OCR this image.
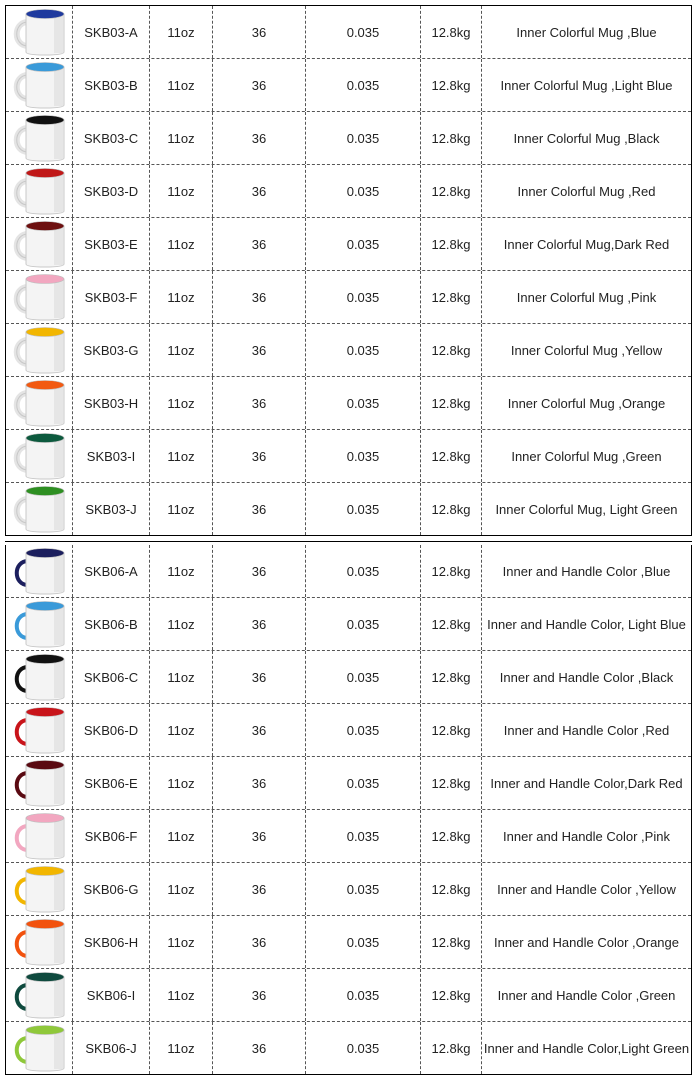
SKB03-A	11oz	36	0.035	12.8kg	Inner Colorful Mug ,Blue
SKB03-B	11oz	36	0.035	12.8kg	Inner Colorful Mug ,Light Blue
SKB03-C	11oz	36	0.035	12.8kg	Inner Colorful Mug ,Black
SKB03-D	11oz	36	0.035	12.8kg	Inner Colorful Mug ,Red
SKB03-E	11oz	36	0.035	12.8kg	Inner Colorful Mug,Dark Red
SKB03-F	11oz	36	0.035	12.8kg	Inner Colorful Mug ,Pink
SKB03-G	11oz	36	0.035	12.8kg	Inner Colorful Mug ,Yellow
SKB03-H	11oz	36	0.035	12.8kg	Inner Colorful Mug ,Orange
SKB03-I	11oz	36	0.035	12.8kg	Inner Colorful Mug ,Green
SKB03-J	11oz	36	0.035	12.8kg	Inner Colorful Mug, Light Green
SKB06-A	11oz	36	0.035	12.8kg	Inner and Handle Color ,Blue
SKB06-B	11oz	36	0.035	12.8kg	Inner and Handle Color, Light Blue
SKB06-C	11oz	36	0.035	12.8kg	Inner and Handle Color ,Black
SKB06-D	11oz	36	0.035	12.8kg	Inner and Handle Color ,Red
SKB06-E	11oz	36	0.035	12.8kg	Inner and Handle Color,Dark Red
SKB06-F	11oz	36	0.035	12.8kg	Inner and Handle Color ,Pink
SKB06-G	11oz	36	0.035	12.8kg	Inner and Handle Color ,Yellow
SKB06-H	11oz	36	0.035	12.8kg	Inner and Handle Color ,Orange
SKB06-I	11oz	36	0.035	12.8kg	Inner and Handle Color ,Green
SKB06-J	11oz	36	0.035	12.8kg	Inner and Handle Color,Light Green
